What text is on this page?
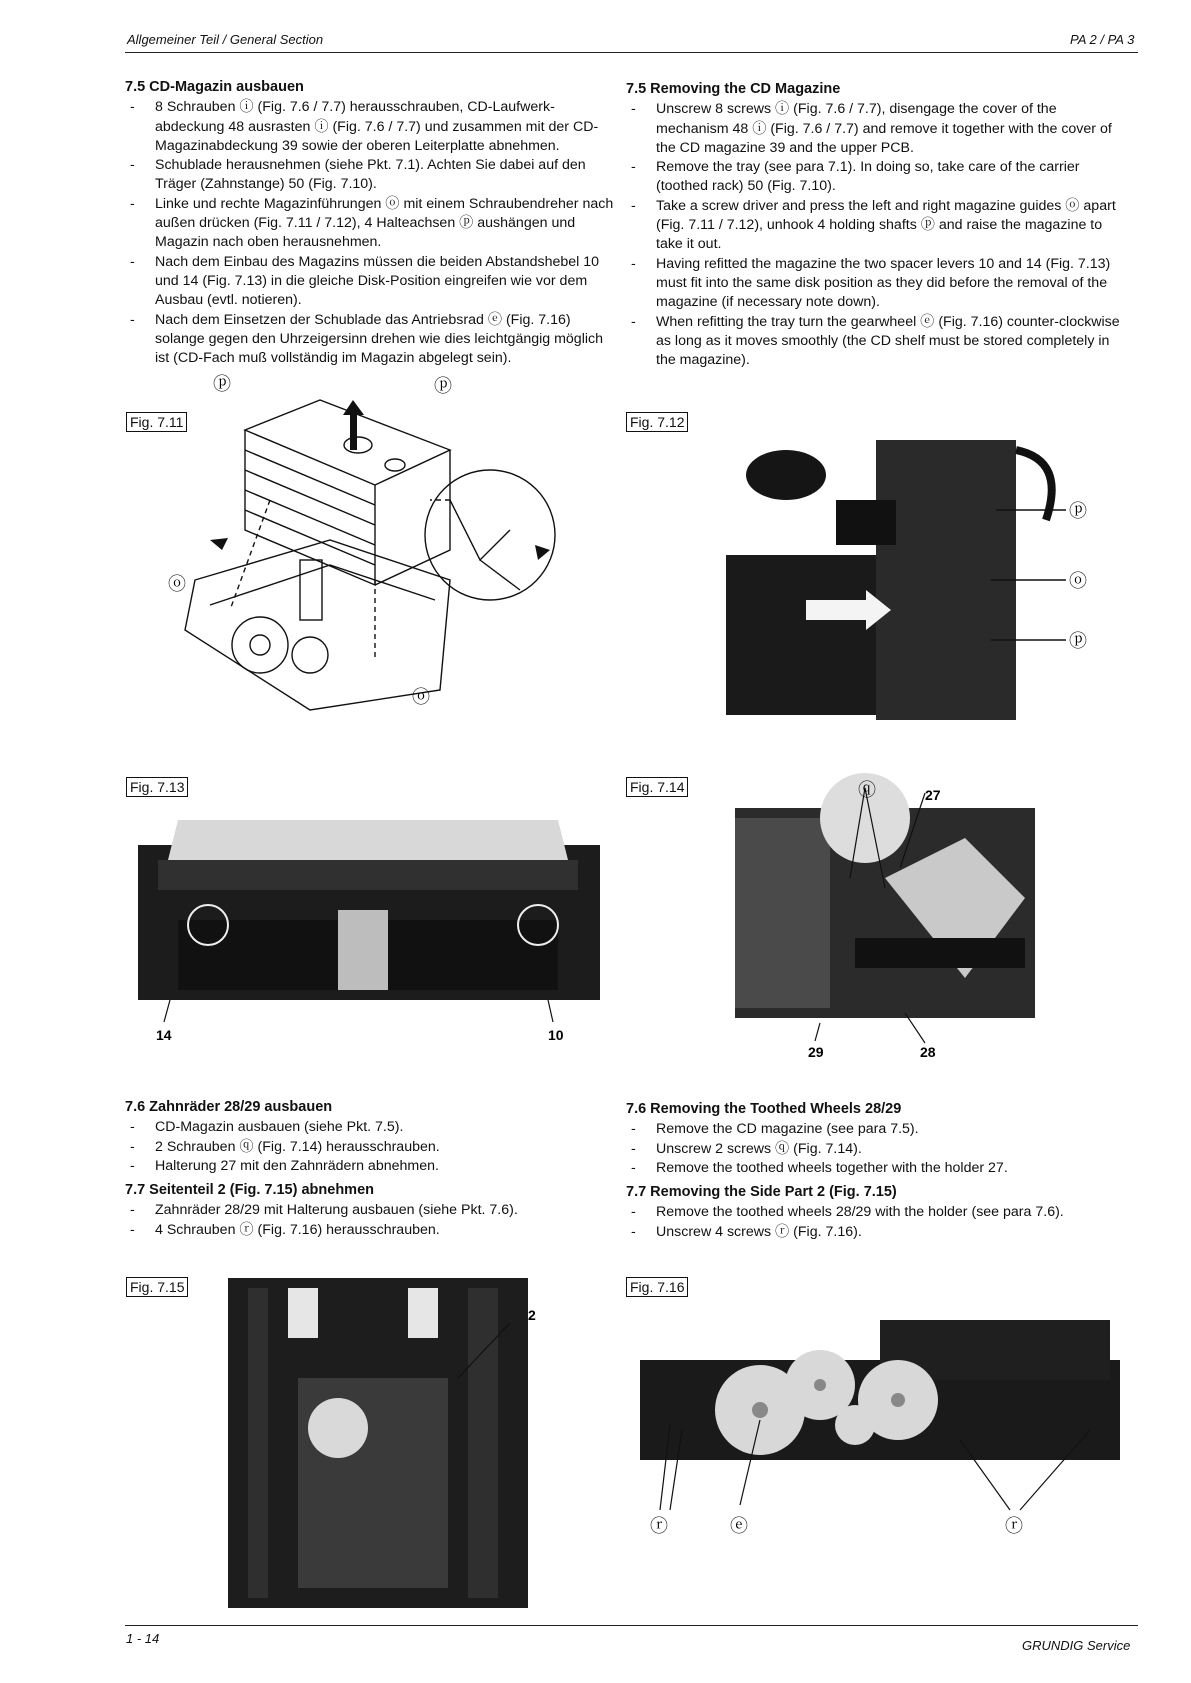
Allgemeiner Teil / General Section	PA 2 / PA 3
7.5 CD-Magazin ausbauen
- 8 Schrauben ⓘ (Fig. 7.6 / 7.7) herausschrauben, CD-Laufwerk-abdeckung 48 ausrasten ⓘ (Fig. 7.6 / 7.7) und zusammen mit der CD-Magazinabdeckung 39 sowie der oberen Leiterplatte abnehmen.
- Schublade herausnehmen (siehe Pkt. 7.1). Achten Sie dabei auf den Träger (Zahnstange) 50 (Fig. 7.10).
- Linke und rechte Magazinführungen ⓞ mit einem Schraubendreher nach außen drücken (Fig. 7.11 / 7.12), 4 Halteachsen ⓟ aushängen und Magazin nach oben herausnehmen.
- Nach dem Einbau des Magazins müssen die beiden Abstandshebel 10 und 14 (Fig. 7.13) in die gleiche Disk-Position eingreifen wie vor dem Ausbau (evtl. notieren).
- Nach dem Einsetzen der Schublade das Antriebsrad ⓔ (Fig. 7.16) solange gegen den Uhrzeigersinn drehen wie dies leichtgängig möglich ist (CD-Fach muß vollständig im Magazin abgelegt sein).
7.5 Removing the CD Magazine
- Unscrew 8 screws ⓘ (Fig. 7.6 / 7.7), disengage the cover of the mechanism 48 ⓘ (Fig. 7.6 / 7.7) and remove it together with the cover of the CD magazine 39 and the upper PCB.
- Remove the tray (see para 7.1). In doing so, take care of the carrier (toothed rack) 50 (Fig. 7.10).
- Take a screw driver and press the left and right magazine guides ⓞ apart (Fig. 7.11 / 7.12), unhook 4 holding shafts ⓟ and raise the magazine to take it out.
- Having refitted the magazine the two spacer levers 10 and 14 (Fig. 7.13) must fit into the same disk position as they did before the removal of the magazine (if necessary note down).
- When refitting the tray turn the gearwheel ⓔ (Fig. 7.16) counter-clockwise as long as it moves smoothly (the CD shelf must be stored completely in the magazine).
Fig. 7.11
ⓟ	ⓟ
ⓞ
ⓞ
Fig. 7.12
ⓟ
ⓞ
ⓟ
Fig. 7.13
14	10
Fig. 7.14	ⓠ	27
29	28
7.6 Zahnräder 28/29 ausbauen
- CD-Magazin ausbauen (siehe Pkt. 7.5).
- 2 Schrauben ⓠ (Fig. 7.14) herausschrauben.
- Halterung 27 mit den Zahnrädern abnehmen.
7.7 Seitenteil 2 (Fig. 7.15) abnehmen
- Zahnräder 28/29 mit Halterung ausbauen (siehe Pkt. 7.6).
- 4 Schrauben ⓡ (Fig. 7.16) herausschrauben.
7.6 Removing the Toothed Wheels 28/29
- Remove the CD magazine (see para 7.5).
- Unscrew 2 screws ⓠ (Fig. 7.14).
- Remove the toothed wheels together with the holder 27.
7.7 Removing the Side Part 2 (Fig. 7.15)
- Remove the toothed wheels 28/29 with the holder (see para 7.6).
- Unscrew 4 screws ⓡ (Fig. 7.16).
Fig. 7.15
2
Fig. 7.16
ⓡ	ⓔ	ⓡ
1 - 14	GRUNDIG Service
